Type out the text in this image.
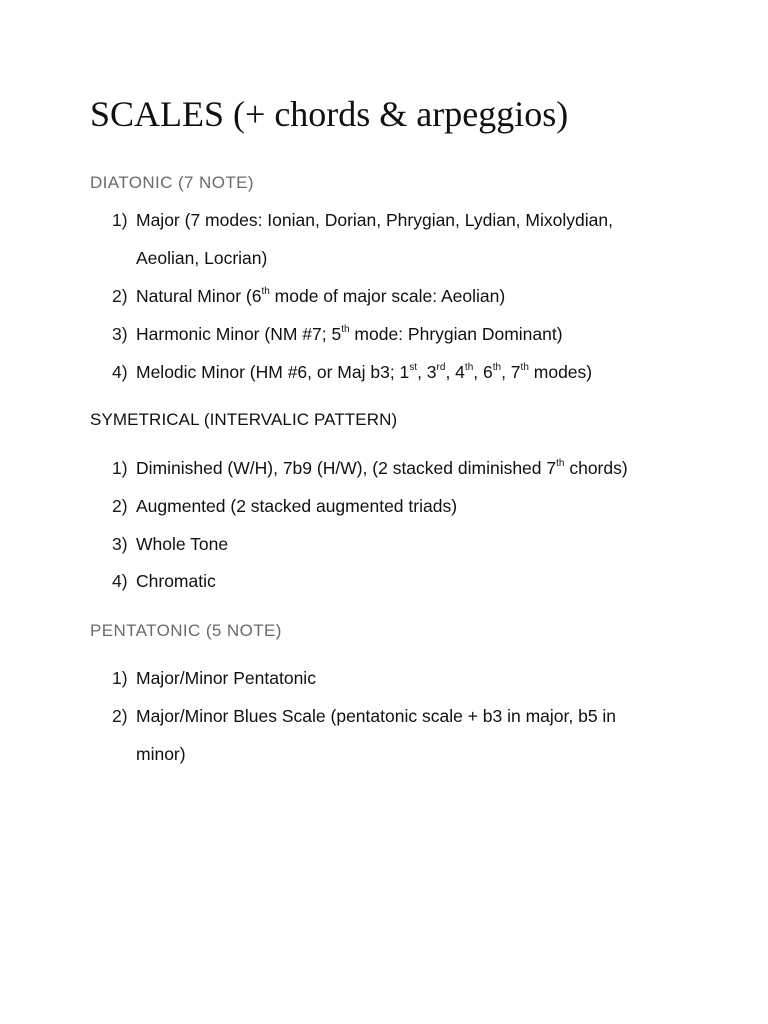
SCALES (+ chords & arpeggios)
DIATONIC (7 NOTE)
1) Major (7 modes: Ionian, Dorian, Phrygian, Lydian, Mixolydian,
Aeolian, Locrian)
2) Natural Minor (6th mode of major scale: Aeolian)
3) Harmonic Minor (NM #7; 5th mode: Phrygian Dominant)
4) Melodic Minor (HM #6, or Maj b3; 1st, 3rd, 4th, 6th, 7th modes)
SYMETRICAL (INTERVALIC PATTERN)
1) Diminished (W/H), 7b9 (H/W), (2 stacked diminished 7th chords)
2) Augmented (2 stacked augmented triads)
3) Whole Tone
4) Chromatic
PENTATONIC (5 NOTE)
1) Major/Minor Pentatonic
2) Major/Minor Blues Scale (pentatonic scale + b3 in major, b5 in
minor)
